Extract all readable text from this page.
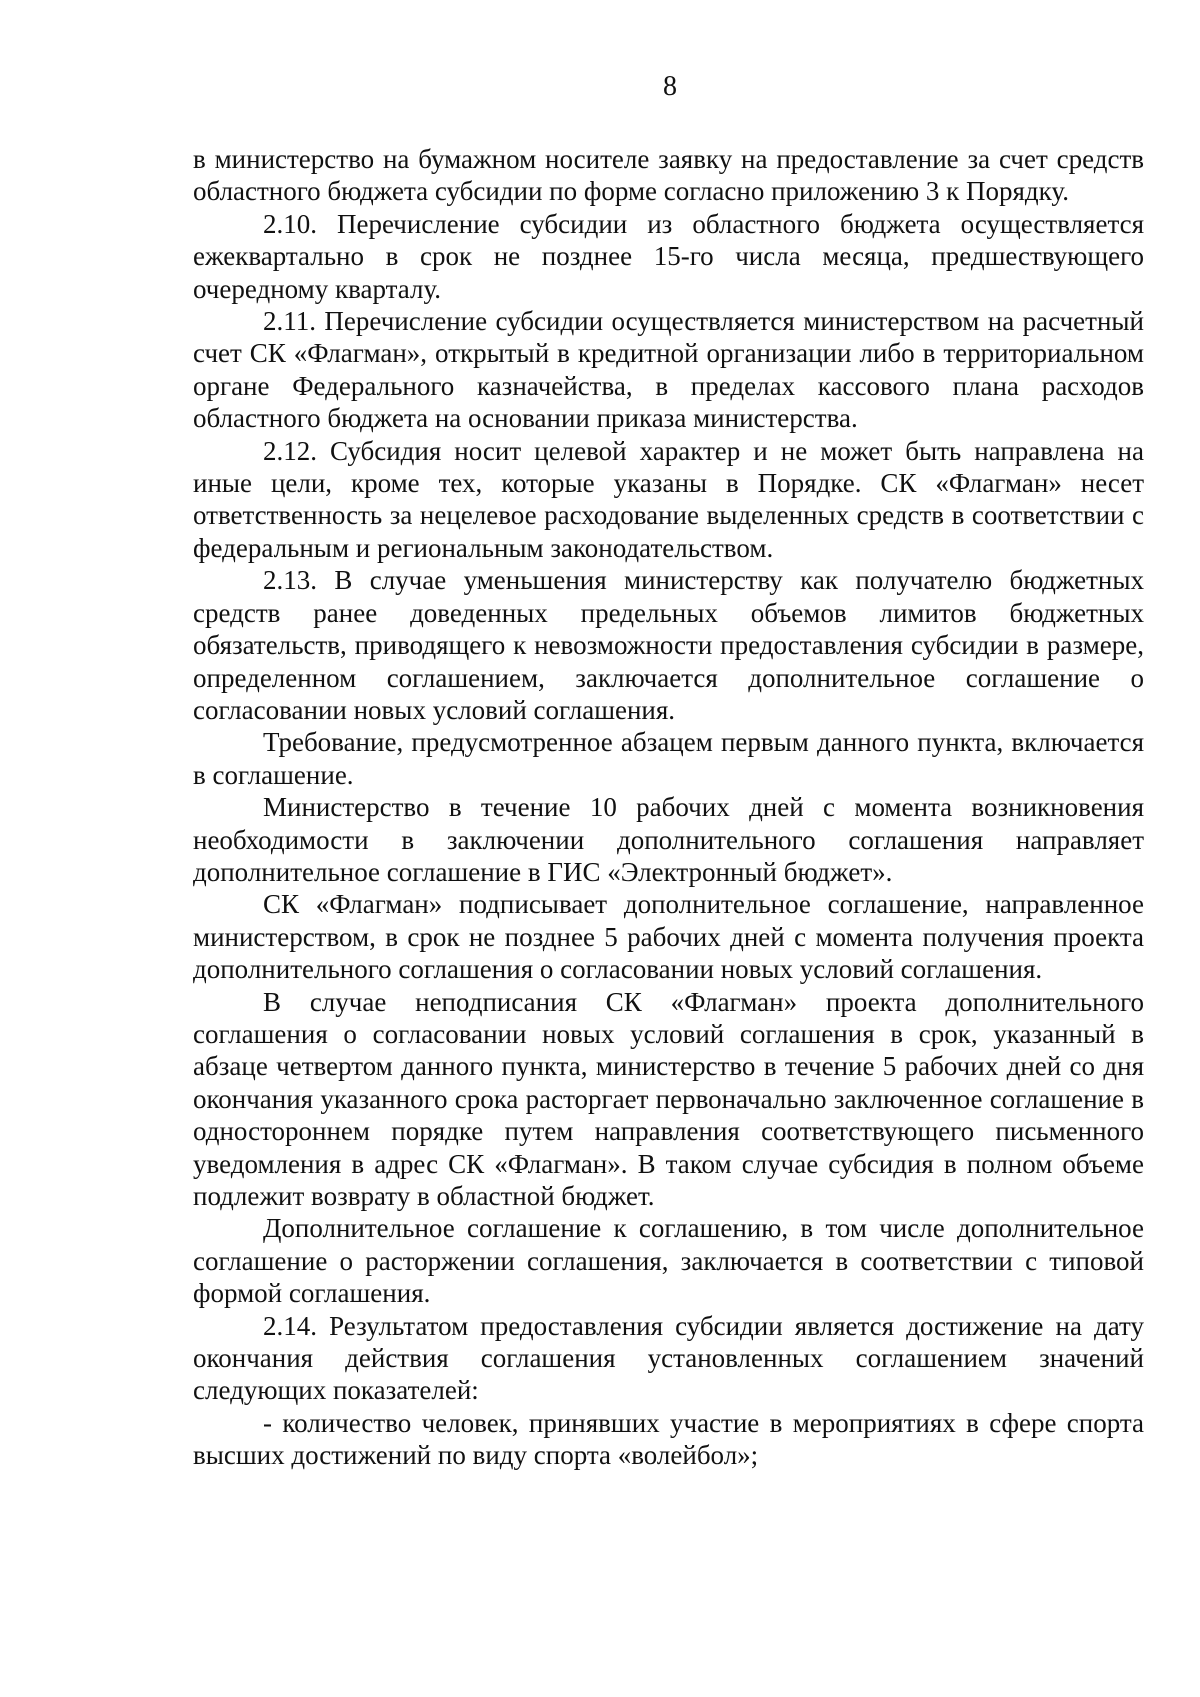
8

в министерство на бумажном носителе заявку на предоставление за счет средств областного бюджета субсидии по форме согласно приложению 3 к Порядку.

2.10. Перечисление субсидии из областного бюджета осуществляется ежеквартально в срок не позднее 15-го числа месяца, предшествующего очередному кварталу.

2.11. Перечисление субсидии осуществляется министерством на расчетный счет СК «Флагман», открытый в кредитной организации либо в территориальном органе Федерального казначейства, в пределах кассового плана расходов областного бюджета на основании приказа министерства.

2.12. Субсидия носит целевой характер и не может быть направлена на иные цели, кроме тех, которые указаны в Порядке. СК «Флагман» несет ответственность за нецелевое расходование выделенных средств в соответствии с федеральным и региональным законодательством.

2.13. В случае уменьшения министерству как получателю бюджетных средств ранее доведенных предельных объемов лимитов бюджетных обязательств, приводящего к невозможности предоставления субсидии в размере, определенном соглашением, заключается дополнительное соглашение о согласовании новых условий соглашения.

Требование, предусмотренное абзацем первым данного пункта, включается в соглашение.

Министерство в течение 10 рабочих дней с момента возникновения необходимости в заключении дополнительного соглашения направляет дополнительное соглашение в ГИС «Электронный бюджет».

СК «Флагман» подписывает дополнительное соглашение, направленное министерством, в срок не позднее 5 рабочих дней с момента получения проекта дополнительного соглашения о согласовании новых условий соглашения.

В случае неподписания СК «Флагман» проекта дополнительного соглашения о согласовании новых условий соглашения в срок, указанный в абзаце четвертом данного пункта, министерство в течение 5 рабочих дней со дня окончания указанного срока расторгает первоначально заключенное соглашение в одностороннем порядке путем направления соответствующего письменного уведомления в адрес СК «Флагман». В таком случае субсидия в полном объеме подлежит возврату в областной бюджет.

Дополнительное соглашение к соглашению, в том числе дополнительное соглашение о расторжении соглашения, заключается в соответствии с типовой формой соглашения.

2.14. Результатом предоставления субсидии является достижение на дату окончания действия соглашения установленных соглашением значений следующих показателей:

- количество человек, принявших участие в мероприятиях в сфере спорта высших достижений по виду спорта «волейбол»;
